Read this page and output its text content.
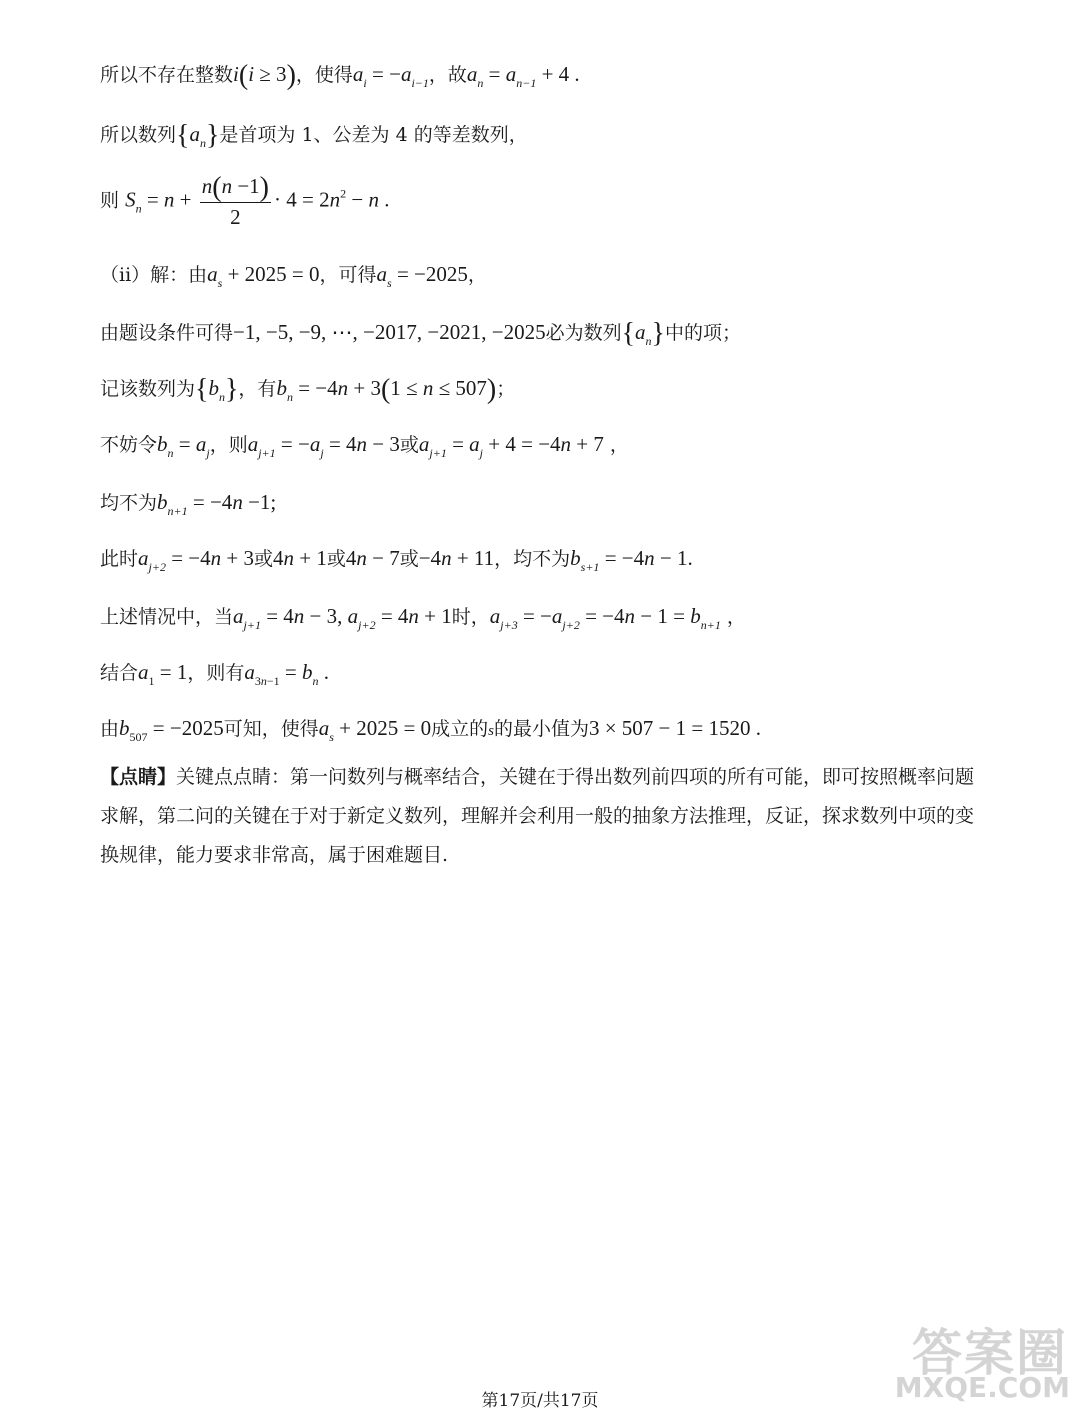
所以不存在整数i(i ≥ 3)，使得$a_i = -a_{i-1}$，故$a_n = a_{n-1} + 4$ .
所以数列$\{a_n\}$是首项为 1、公差为 4 的等差数列，
则 $S_n = n + \frac{n(n -1)}{2} \cdot 4 = 2n^2 - n$ .
（ii）解：由$a_s + 2025 = 0$，可得$a_s = -2025$，
由题设条件可得−1, −5, −9, ⋯, −2017, −2021, −2025必为数列$\{a_n\}$中的项；
记该数列为$\{b_n\}$，有$b_n = -4n + 3(1 \le n \le 507)$；
不妨令$b_n = a_j$，则$a_{j+1} = -a_j = 4n - 3$或$a_{j+1} = a_j + 4 = -4n + 7$ ，
均不为$b_{n+1} = -4n -1$;
此时$a_{j+2} = -4n + 3$或4n + 1或4n − 7或−4n + 11，均不为$b_{s+1} = -4n - 1$.
上述情况中，当$a_{j+1} = 4n - 3$, $a_{j+2} = 4n + 1$时，$a_{j+3} = -a_{j+2} = -4n - 1 = b_{n+1}$ ，
结合$a_1 = 1$，则有$a_{3n-1} = b_n$ .
由$b_{507} = -2025$可知，使得$a_s + 2025 = 0$成立的s的最小值为3 × 507 − 1 = 1520 .
【点睛】关键点点睛：第一问数列与概率结合，关键在于得出数列前四项的所有可能，即可按照概率问题求解，第二问的关键在于对于新定义数列，理解并会利用一般的抽象方法推理，反证，探求数列中项的变换规律，能力要求非常高，属于困难题目.
第17页/共17页
答案圈
MXQE.COM
